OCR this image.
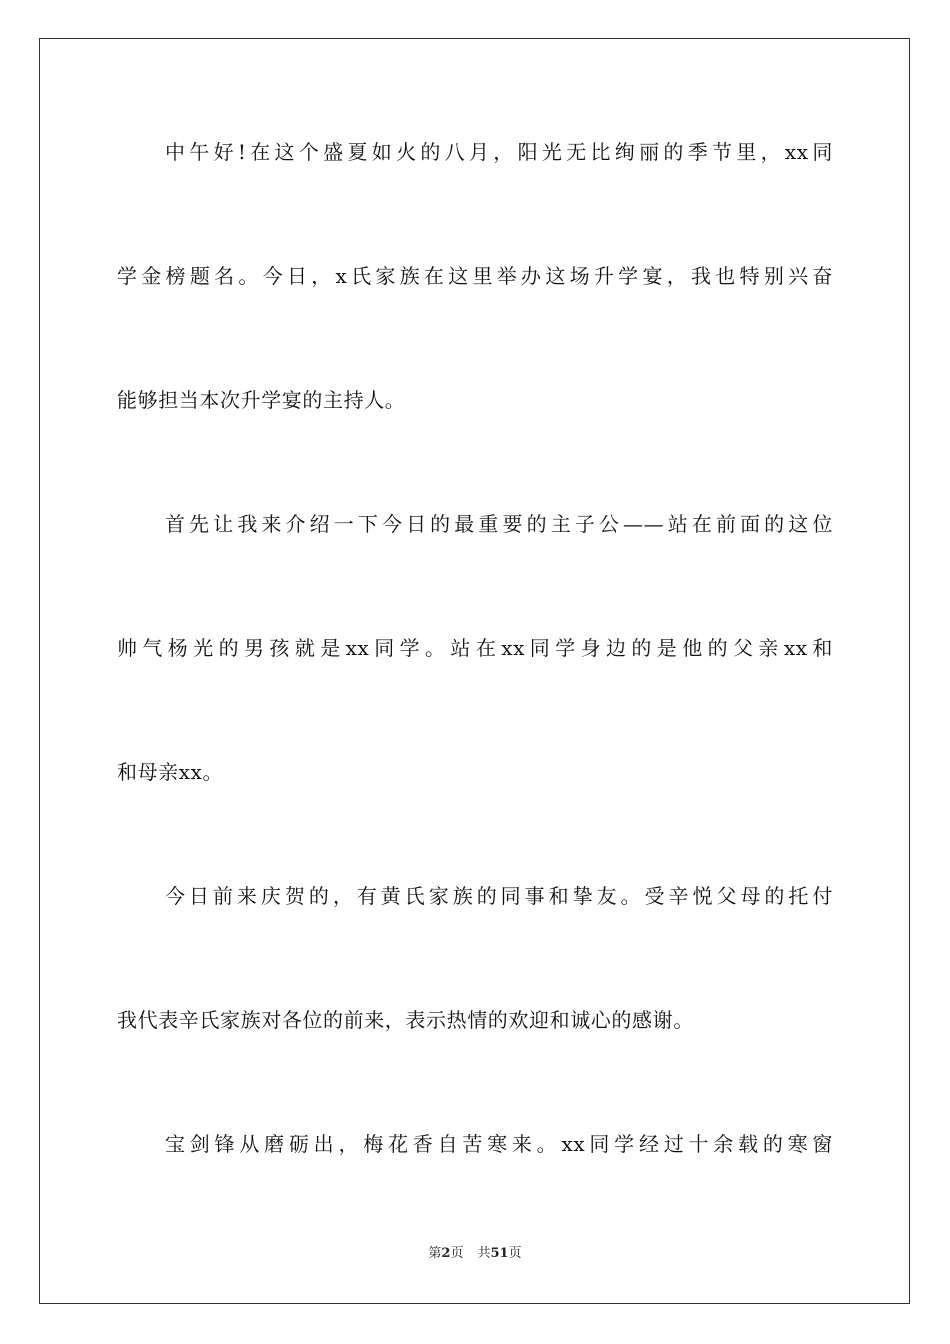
中午好!在这个盛夏如火的八月，阳光无比绚丽的季节里，xx同
学金榜题名。今日，x氏家族在这里举办这场升学宴，我也特别兴奋
能够担当本次升学宴的主持人。
首先让我来介绍一下今日的最重要的主子公——站在前面的这位
帅气杨光的男孩就是xx同学。站在xx同学身边的是他的父亲xx和
和母亲xx。
今日前来庆贺的，有黄氏家族的同事和挚友。受辛悦父母的托付
我代表辛氏家族对各位的前来，表示热情的欢迎和诚心的感谢。
宝剑锋从磨砺出，梅花香自苦寒来。xx同学经过十余载的寒窗
第2页 共51页
